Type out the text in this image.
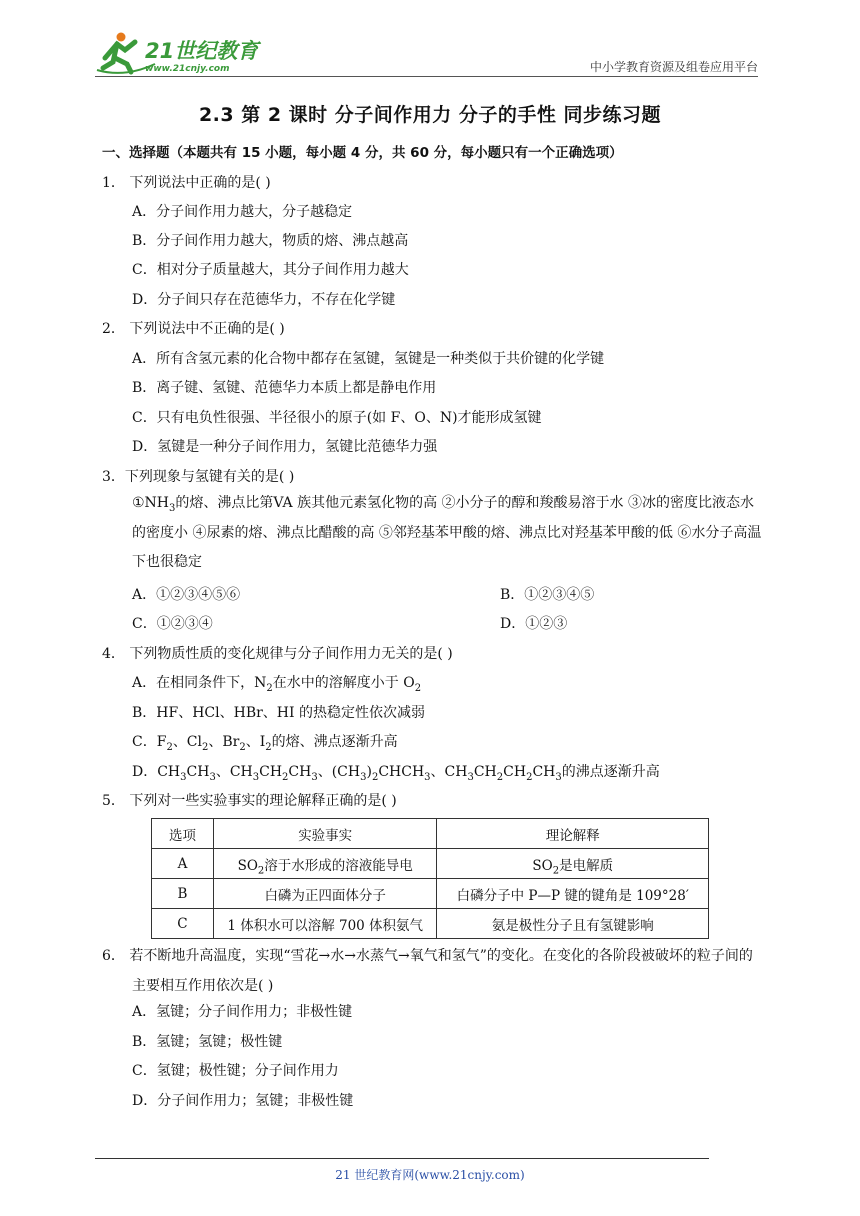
21世纪教育
www.21cnjy.com	中小学教育资源及组卷应用平台
2.3 第 2 课时 分子间作用力 分子的手性 同步练习题
一、选择题（本题共有 15 小题，每小题 4 分，共 60 分，每小题只有一个正确选项）
1． 下列说法中正确的是( )
A．分子间作用力越大，分子越稳定
B．分子间作用力越大，物质的熔、沸点越高
C．相对分子质量越大，其分子间作用力越大
D．分子间只存在范德华力，不存在化学键
2． 下列说法中不正确的是( )
A．所有含氢元素的化合物中都存在氢键，氢键是一种类似于共价键的化学键
B．离子键、氢键、范德华力本质上都是静电作用
C．只有电负性很强、半径很小的原子(如 F、O、N)才能形成氢键
D．氢键是一种分子间作用力，氢键比范德华力强
3．下列现象与氢键有关的是( )
$①NH_3$的熔、沸点比第VA 族其他元素氢化物的高 ②小分子的醇和羧酸易溶于水 ③冰的密度比液态水的密度小 ④尿素的熔、沸点比醋酸的高 ⑤邻羟基苯甲酸的熔、沸点比对羟基苯甲酸的低 ⑥水分子高温下也很稳定
A．①②③④⑤⑥	B．①②③④⑤
C．①②③④	D．①②③
4． 下列物质性质的变化规律与分子间作用力无关的是( )
A．在相同条件下，$N_2$在水中的溶解度小于 $O_2$
B．HF、HCl、HBr、HI 的热稳定性依次减弱
C．$F_2$、$Cl_2$、$Br_2$、$I_2$的熔、沸点逐渐升高
D．$CH_3CH_3$、$CH_3CH_2CH_3$、$(CH_3)_2CHCH_3$、$CH_3CH_2CH_2CH_3$的沸点逐渐升高
5． 下列对一些实验事实的理论解释正确的是( )
选项	实验事实	理论解释
A	$SO_2$溶于水形成的溶液能导电	$SO_2$是电解质
B	白磷为正四面体分子	白磷分子中 P—P 键的键角是 109°28′
C	1 体积水可以溶解 700 体积氨气	氨是极性分子且有氢键影响
6． 若不断地升高温度，实现“雪花→水→水蒸气→氧气和氢气”的变化。在变化的各阶段被破坏的粒子间的主要相互作用依次是( )
A．氢键；分子间作用力；非极性键
B．氢键；氢键；极性键
C．氢键；极性键；分子间作用力
D．分子间作用力；氢键；非极性键
21 世纪教育网(www.21cnjy.com)
